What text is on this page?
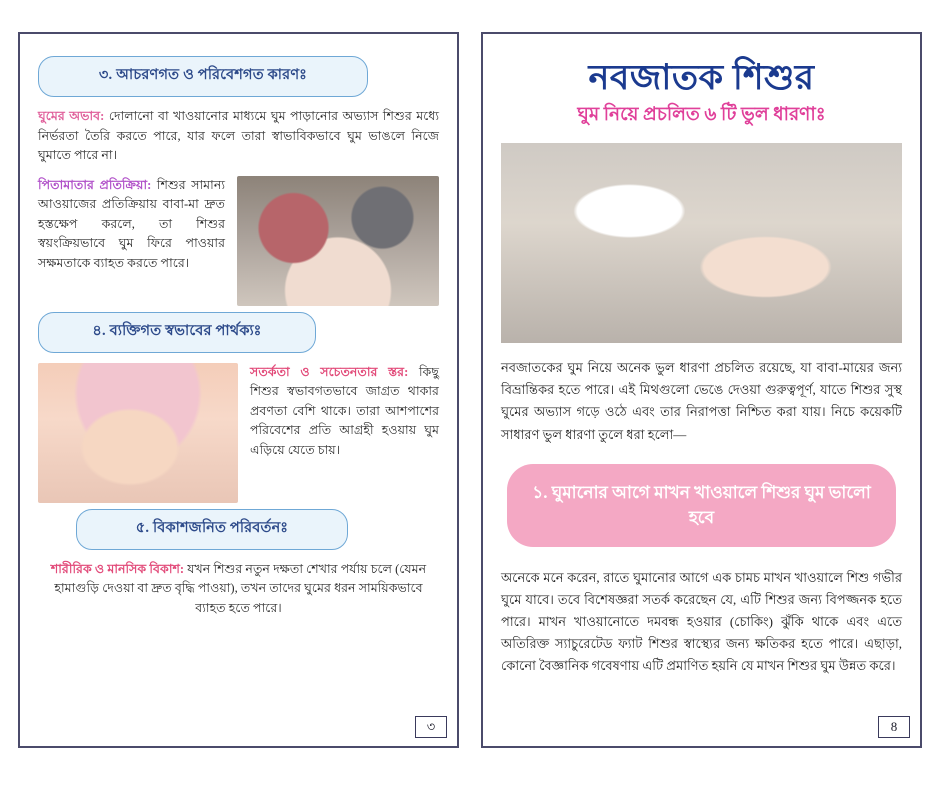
৩. আচরণগত ও পরিবেশগত কারণঃ

ঘুমের অভাব: দোলানো বা খাওয়ানোর মাধ্যমে ঘুম পাড়ানোর অভ্যাস শিশুর মধ্যে নির্ভরতা তৈরি করতে পারে, যার ফলে তারা স্বাভাবিকভাবে ঘুম ভাঙলে নিজে ঘুমাতে পারে না।

পিতামাতার প্রতিক্রিয়া: শিশুর সামান্য আওয়াজের প্রতিক্রিয়ায় বাবা-মা দ্রুত হস্তক্ষেপ করলে, তা শিশুর স্বয়ংক্রিয়ভাবে ঘুম ফিরে পাওয়ার সক্ষমতাকে ব্যাহত করতে পারে।

৪. ব্যক্তিগত স্বভাবের পার্থক্যঃ

সতর্কতা ও সচেতনতার স্তর: কিছু শিশুর স্বভাবগতভাবে জাগ্রত থাকার প্রবণতা বেশি থাকে। তারা আশপাশের পরিবেশের প্রতি আগ্রহী হওয়ায় ঘুম এড়িয়ে যেতে চায়।

৫. বিকাশজনিত পরিবর্তনঃ

শারীরিক ও মানসিক বিকাশ: যখন শিশুর নতুন দক্ষতা শেখার পর্যায় চলে (যেমন হামাগুড়ি দেওয়া বা দ্রুত বৃদ্ধি পাওয়া), তখন তাদের ঘুমের ধরন সাময়িকভাবে ব্যাহত হতে পারে।

৩
নবজাতক শিশুর
ঘুম নিয়ে প্রচলিত ৬ টি ভুল ধারণাঃ

নবজাতকের ঘুম নিয়ে অনেক ভুল ধারণা প্রচলিত রয়েছে, যা বাবা-মায়ের জন্য বিভ্রান্তিকর হতে পারে। এই মিথগুলো ভেঙে দেওয়া গুরুত্বপূর্ণ, যাতে শিশুর সুস্থ ঘুমের অভ্যাস গড়ে ওঠে এবং তার নিরাপত্তা নিশ্চিত করা যায়। নিচে কয়েকটি সাধারণ ভুল ধারণা তুলে ধরা হলো—

১. ঘুমানোর আগে মাখন খাওয়ালে শিশুর ঘুম ভালো হবে

অনেকে মনে করেন, রাতে ঘুমানোর আগে এক চামচ মাখন খাওয়ালে শিশু গভীর ঘুমে যাবে। তবে বিশেষজ্ঞরা সতর্ক করেছেন যে, এটি শিশুর জন্য বিপজ্জনক হতে পারে। মাখন খাওয়ানোতে দমবন্ধ হওয়ার (চোকিং) ঝুঁকি থাকে এবং এতে অতিরিক্ত স্যাচুরেটেড ফ্যাট শিশুর স্বাস্থ্যের জন্য ক্ষতিকর হতে পারে। এছাড়া, কোনো বৈজ্ঞানিক গবেষণায় এটি প্রমাণিত হয়নি যে মাখন শিশুর ঘুম উন্নত করে।

8
